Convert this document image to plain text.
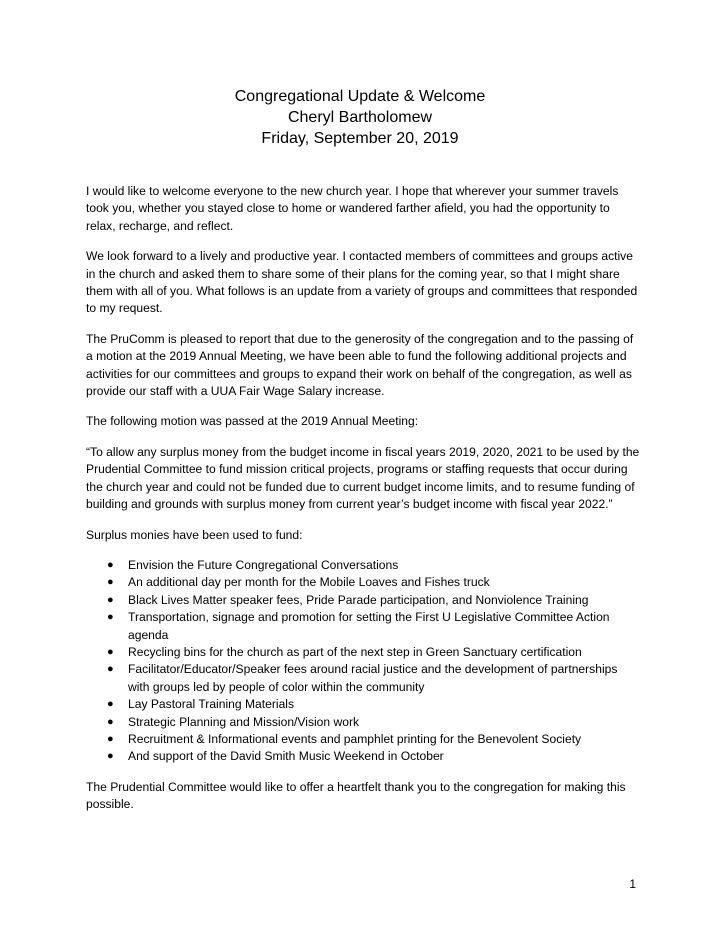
Congregational Update & Welcome
Cheryl Bartholomew
Friday, September 20, 2019

I would like to welcome everyone to the new church year. I hope that wherever your summer travels took you, whether you stayed close to home or wandered farther afield, you had the opportunity to relax, recharge, and reflect.

We look forward to a lively and productive year. I contacted members of committees and groups active in the church and asked them to share some of their plans for the coming year, so that I might share them with all of you. What follows is an update from a variety of groups and committees that responded to my request.

The PruComm is pleased to report that due to the generosity of the congregation and to the passing of a motion at the 2019 Annual Meeting, we have been able to fund the following additional projects and activities for our committees and groups to expand their work on behalf of the congregation, as well as provide our staff with a UUA Fair Wage Salary increase.

The following motion was passed at the 2019 Annual Meeting:

“To allow any surplus money from the budget income in fiscal years 2019, 2020, 2021 to be used by the Prudential Committee to fund mission critical projects, programs or staffing requests that occur during the church year and could not be funded due to current budget income limits, and to resume funding of building and grounds with surplus money from current year’s budget income with fiscal year 2022.”

Surplus monies have been used to fund:

● Envision the Future Congregational Conversations
● An additional day per month for the Mobile Loaves and Fishes truck
● Black Lives Matter speaker fees, Pride Parade participation, and Nonviolence Training
● Transportation, signage and promotion for setting the First U Legislative Committee Action agenda
● Recycling bins for the church as part of the next step in Green Sanctuary certification
● Facilitator/Educator/Speaker fees around racial justice and the development of partnerships with groups led by people of color within the community
● Lay Pastoral Training Materials
● Strategic Planning and Mission/Vision work
● Recruitment & Informational events and pamphlet printing for the Benevolent Society
● And support of the David Smith Music Weekend in October

The Prudential Committee would like to offer a heartfelt thank you to the congregation for making this possible.

1
